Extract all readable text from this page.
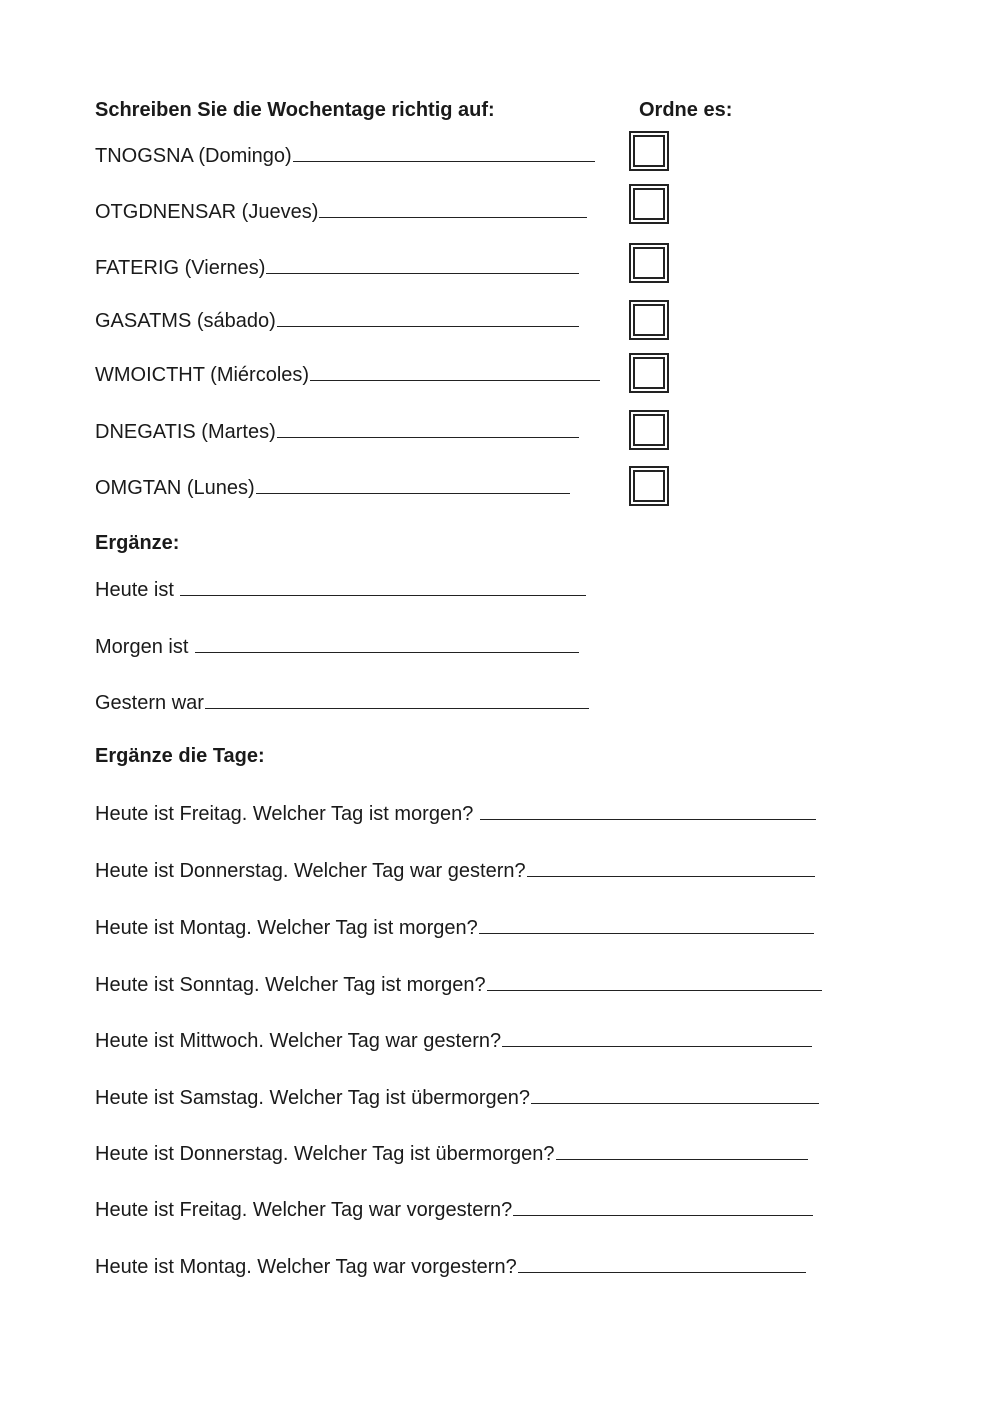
Schreiben Sie die Wochentage richtig auf:	Ordne es:
TNOGSNA (Domingo)
OTGDNENSAR (Jueves)
FATERIG (Viernes)
GASATMS (sábado)
WMOICTHT (Miércoles)
DNEGATIS (Martes)
OMGTAN (Lunes)
Ergänze:
Heute ist
Morgen ist
Gestern war
Ergänze die Tage:
Heute ist Freitag. Welcher Tag ist morgen?
Heute ist Donnerstag. Welcher Tag war gestern?
Heute ist Montag. Welcher Tag ist morgen?
Heute ist Sonntag. Welcher Tag ist morgen?
Heute ist Mittwoch. Welcher Tag war gestern?
Heute ist Samstag. Welcher Tag ist übermorgen?
Heute ist Donnerstag. Welcher Tag ist übermorgen?
Heute ist Freitag. Welcher Tag war vorgestern?
Heute ist Montag. Welcher Tag war vorgestern?
